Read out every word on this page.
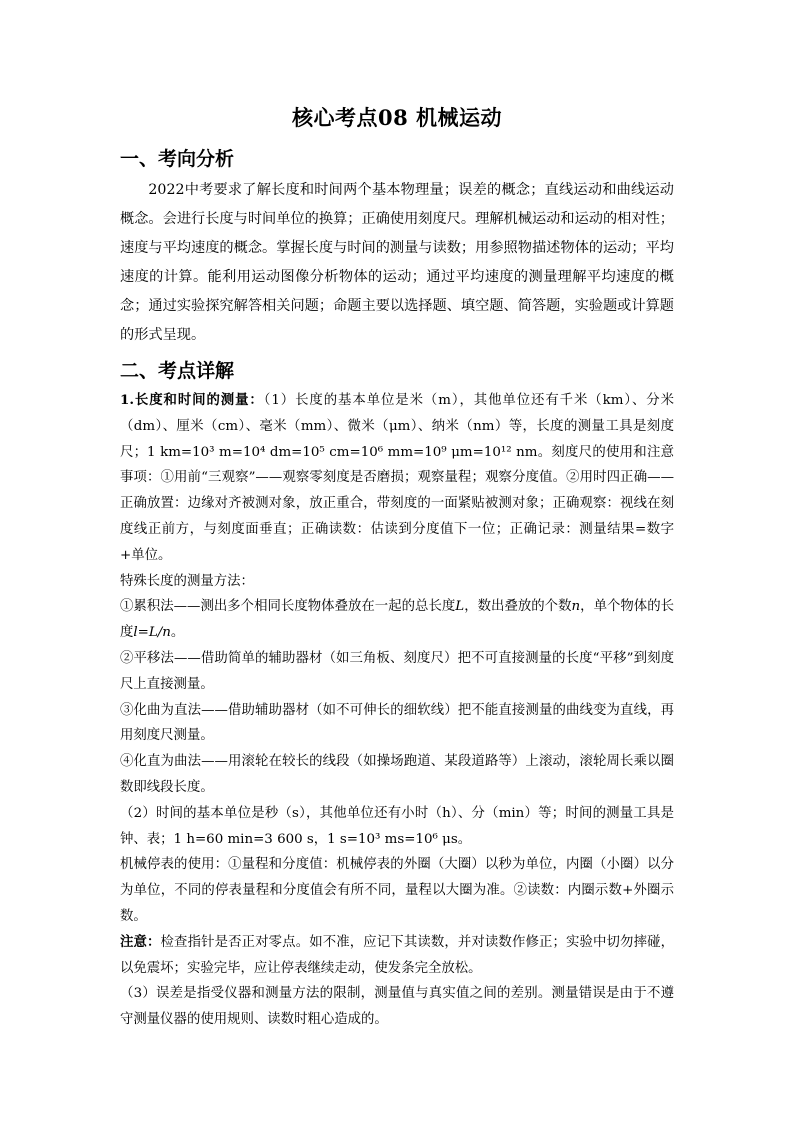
核心考点08 机械运动
一、考向分析

2022中考要求了解长度和时间两个基本物理量；误差的概念；直线运动和曲线运动概念。会进行长度与时间单位的换算；正确使用刻度尺。理解机械运动和运动的相对性；速度与平均速度的概念。掌握长度与时间的测量与读数；用参照物描述物体的运动；平均速度的计算。能利用运动图像分析物体的运动；通过平均速度的测量理解平均速度的概念；通过实验探究解答相关问题；命题主要以选择题、填空题、简答题，实验题或计算题的形式呈现。

二、考点详解

1.长度和时间的测量：（1）长度的基本单位是米（m），其他单位还有千米（km）、分米（dm）、厘米（cm）、毫米（mm）、微米（μm）、纳米（nm）等，长度的测量工具是刻度尺；1 km=10³ m=10⁴ dm=10⁵ cm=10⁶ mm=10⁹ μm=10¹² nm。刻度尺的使用和注意事项：①用前“三观察”——观察零刻度是否磨损；观察量程；观察分度值。②用时四正确——正确放置：边缘对齐被测对象，放正重合，带刻度的一面紧贴被测对象；正确观察：视线在刻度线正前方，与刻度面垂直；正确读数：估读到分度值下一位；正确记录：测量结果=数字+单位。

特殊长度的测量方法：

①累积法——测出多个相同长度物体叠放在一起的总长度L，数出叠放的个数n，单个物体的长度l=L/n。

②平移法——借助简单的辅助器材（如三角板、刻度尺）把不可直接测量的长度“平移”到刻度尺上直接测量。

③化曲为直法——借助辅助器材（如不可伸长的细软线）把不能直接测量的曲线变为直线，再用刻度尺测量。

④化直为曲法——用滚轮在较长的线段（如操场跑道、某段道路等）上滚动，滚轮周长乘以圈数即线段长度。

（2）时间的基本单位是秒（s），其他单位还有小时（h）、分（min）等；时间的测量工具是钟、表；1 h=60 min=3 600 s，1 s=10³ ms=10⁶ μs。

机械停表的使用：①量程和分度值：机械停表的外圈（大圈）以秒为单位，内圈（小圈）以分为单位，不同的停表量程和分度值会有所不同，量程以大圈为准。②读数：内圈示数+外圈示数。

注意：检查指针是否正对零点。如不准，应记下其读数，并对读数作修正；实验中切勿摔碰，以免震坏；实验完毕，应让停表继续走动，使发条完全放松。

（3）误差是指受仪器和测量方法的限制，测量值与真实值之间的差别。测量错误是由于不遵守测量仪器的使用规则、读数时粗心造成的。
